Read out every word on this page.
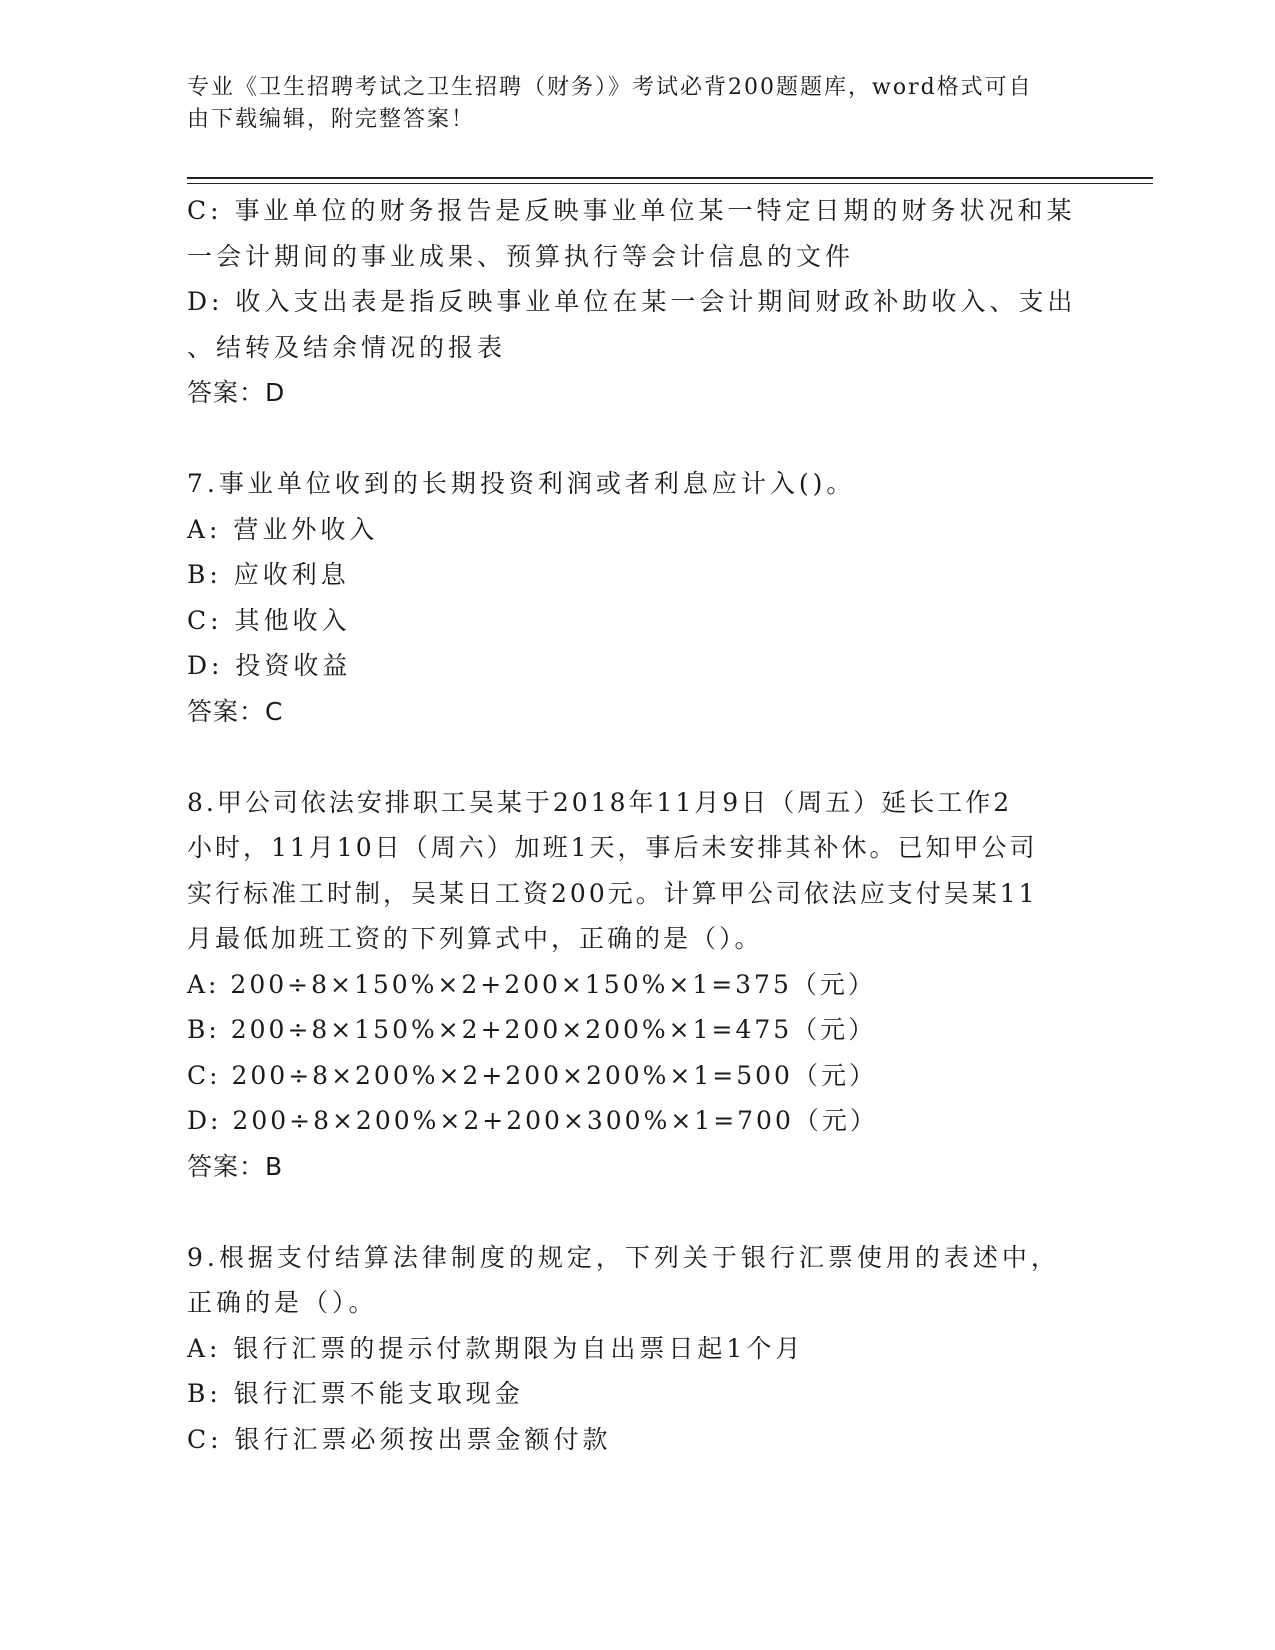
专业《卫生招聘考试之卫生招聘（财务）》考试必背200题题库，word格式可自
由下载编辑，附完整答案！
C: 事业单位的财务报告是反映事业单位某一特定日期的财务状况和某
一会计期间的事业成果、预算执行等会计信息的文件
D: 收入支出表是指反映事业单位在某一会计期间财政补助收入、支出
、结转及结余情况的报表
答案：D
7.事业单位收到的长期投资利润或者利息应计入()。
A: 营业外收入
B: 应收利息
C: 其他收入
D: 投资收益
答案：C
8.甲公司依法安排职工吴某于2018年11月9日（周五）延长工作2
小时，11月10日（周六）加班1天，事后未安排其补休。已知甲公司
实行标准工时制，吴某日工资200元。计算甲公司依法应支付吴某11
月最低加班工资的下列算式中，正确的是（）。
A: 200÷8×150%×2+200×150%×1=375（元）
B: 200÷8×150%×2+200×200%×1=475（元）
C: 200÷8×200%×2+200×200%×1=500（元）
D: 200÷8×200%×2+200×300%×1=700（元）
答案：B
9.根据支付结算法律制度的规定，下列关于银行汇票使用的表述中，
正确的是（）。
A: 银行汇票的提示付款期限为自出票日起1个月
B: 银行汇票不能支取现金
C: 银行汇票必须按出票金额付款
